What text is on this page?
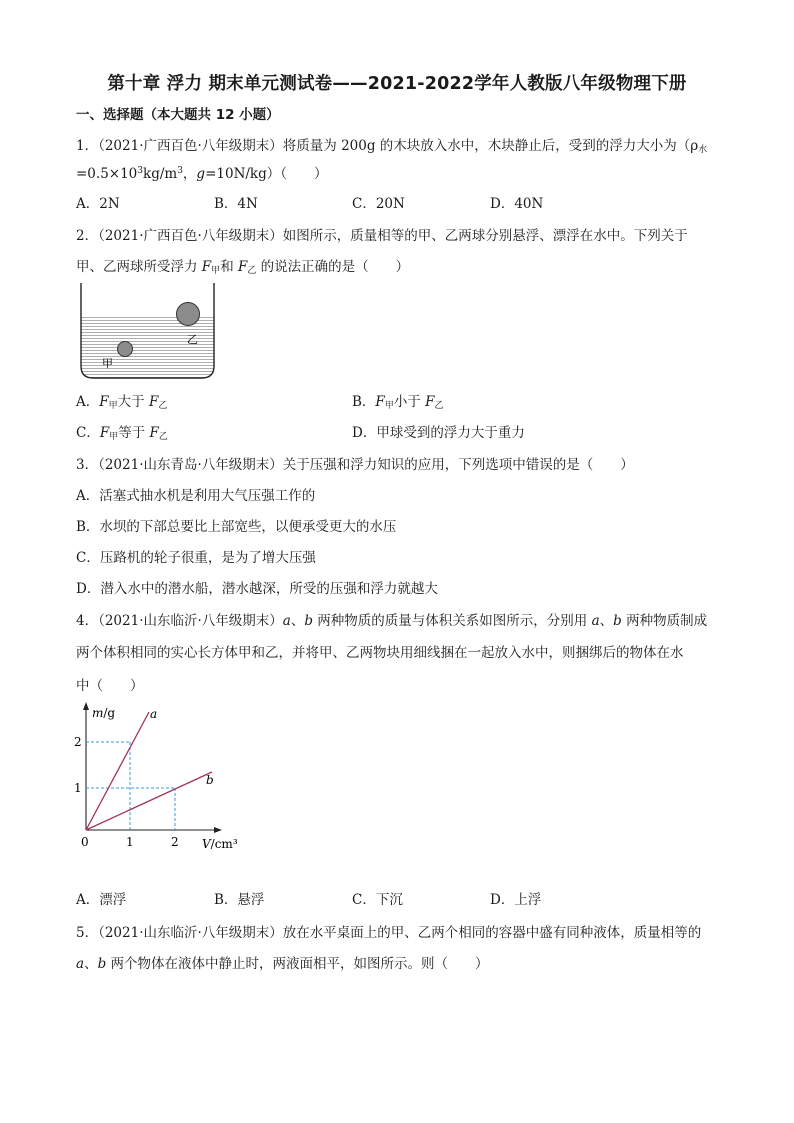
第十章 浮力 期末单元测试卷——2021-2022学年人教版八年级物理下册
一、选择题（本大题共 12 小题）
1．（2021·广西百色·八年级期末）将质量为 200g 的木块放入水中，木块静止后，受到的浮力大小为（$\rho_水$
$=0.5\times 10^3kg/m^3$，g=10N/kg）（　　）
A．2N	B．4N	C．20N	D．40N
2．（2021·广西百色·八年级期末）如图所示，质量相等的甲、乙两球分别悬浮、漂浮在水中。下列关于
甲、乙两球所受浮力 $F_甲$和 $F_乙$ 的说法正确的是（　　）
甲
乙
A．$F_甲$大于 $F_乙$	B．$F_甲$小于 $F_乙$
C．$F_甲$等于 $F_乙$	D．甲球受到的浮力大于重力
3．（2021·山东青岛·八年级期末）关于压强和浮力知识的应用，下列选项中错误的是（　　）
A．活塞式抽水机是利用大气压强工作的
B．水坝的下部总要比上部宽些，以便承受更大的水压
C．压路机的轮子很重，是为了增大压强
D．潜入水中的潜水船，潜水越深，所受的压强和浮力就越大
4．（2021·山东临沂·八年级期末）a、b 两种物质的质量与体积关系如图所示，分别用 a、b 两种物质制成
两个体积相同的实心长方体甲和乙，并将甲、乙两物块用细线捆在一起放入水中，则捆绑后的物体在水
中（　　）
m/g	a
b
2
1
0	1	2 V/cm³
A．漂浮	B．悬浮	C．下沉	D．上浮
5．（2021·山东临沂·八年级期末）放在水平桌面上的甲、乙两个相同的容器中盛有同种液体，质量相等的
a、b 两个物体在液体中静止时，两液面相平，如图所示。则（　　）
